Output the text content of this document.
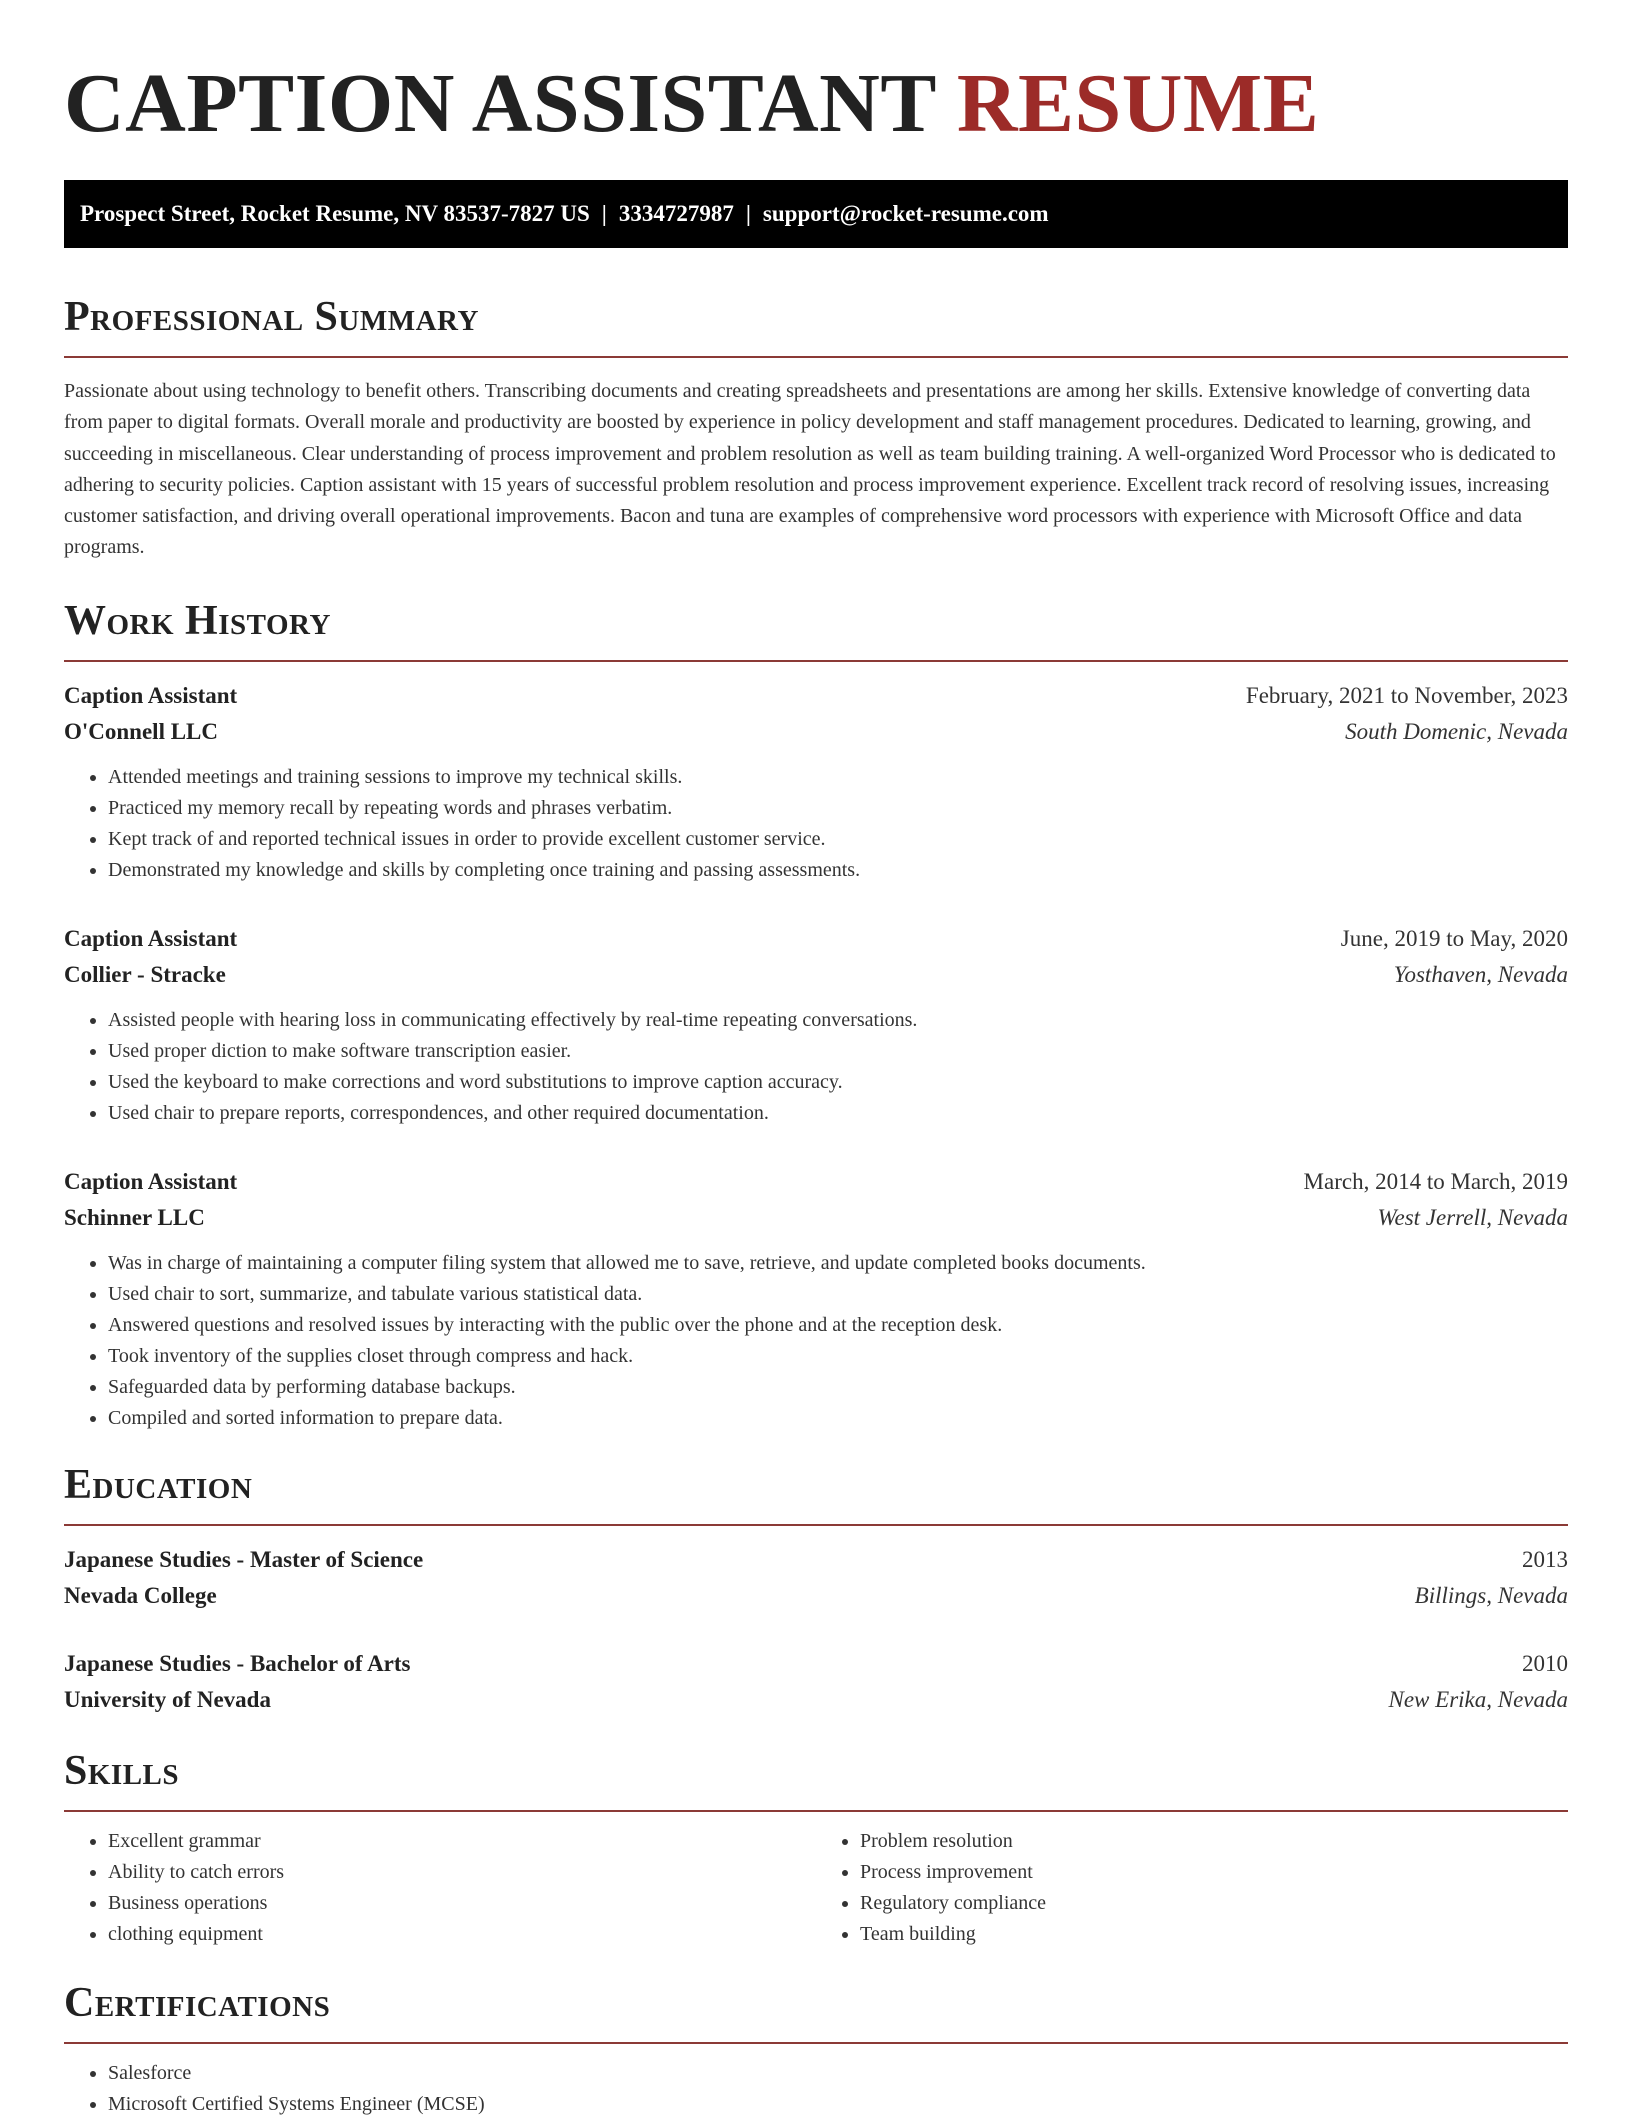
CAPTION ASSISTANT RESUME
Prospect Street, Rocket Resume, NV 83537-7827 US | 3334727987 | support@rocket-resume.com
Professional Summary

Passionate about using technology to benefit others. Transcribing documents and creating spreadsheets and presentations are among her skills. Extensive knowledge of converting data from paper to digital formats. Overall morale and productivity are boosted by experience in policy development and staff management procedures. Dedicated to learning, growing, and succeeding in miscellaneous. Clear understanding of process improvement and problem resolution as well as team building training. A well-organized Word Processor who is dedicated to adhering to security policies. Caption assistant with 15 years of successful problem resolution and process improvement experience. Excellent track record of resolving issues, increasing customer satisfaction, and driving overall operational improvements. Bacon and tuna are examples of comprehensive word processors with experience with Microsoft Office and data programs.

Work History
Caption Assistant	February, 2021 to November, 2023
O'Connell LLC	South Domenic, Nevada
• Attended meetings and training sessions to improve my technical skills.
• Practiced my memory recall by repeating words and phrases verbatim.
• Kept track of and reported technical issues in order to provide excellent customer service.
• Demonstrated my knowledge and skills by completing once training and passing assessments.
Caption Assistant	June, 2019 to May, 2020
Collier - Stracke	Yosthaven, Nevada
• Assisted people with hearing loss in communicating effectively by real-time repeating conversations.
• Used proper diction to make software transcription easier.
• Used the keyboard to make corrections and word substitutions to improve caption accuracy.
• Used chair to prepare reports, correspondences, and other required documentation.
Caption Assistant	March, 2014 to March, 2019
Schinner LLC	West Jerrell, Nevada
• Was in charge of maintaining a computer filing system that allowed me to save, retrieve, and update completed books documents.
• Used chair to sort, summarize, and tabulate various statistical data.
• Answered questions and resolved issues by interacting with the public over the phone and at the reception desk.
• Took inventory of the supplies closet through compress and hack.
• Safeguarded data by performing database backups.
• Compiled and sorted information to prepare data.
Education
Japanese Studies - Master of Science	2013
Nevada College	Billings, Nevada
Japanese Studies - Bachelor of Arts	2010
University of Nevada	New Erika, Nevada
Skills
• Excellent grammar
• Ability to catch errors
• Business operations
• clothing equipment
• Problem resolution
• Process improvement
• Regulatory compliance
• Team building
Certifications
• Salesforce
• Microsoft Certified Systems Engineer (MCSE)
